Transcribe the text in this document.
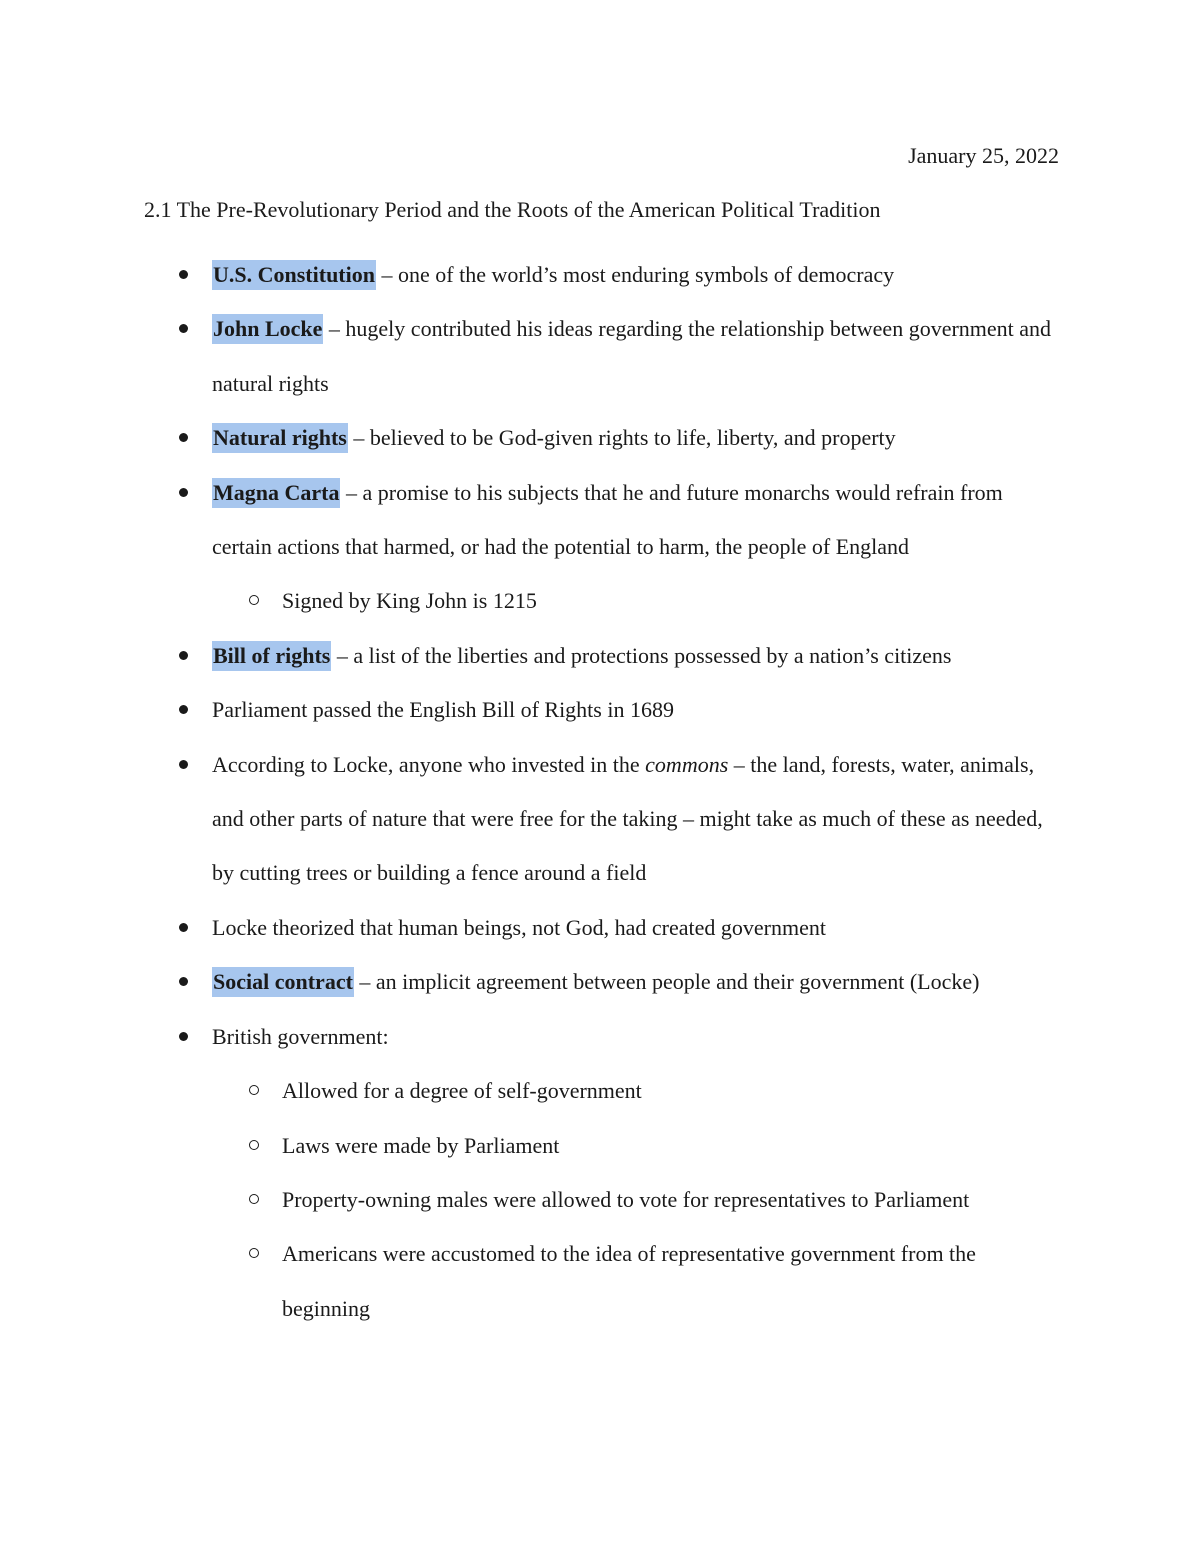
January 25, 2022
2.1 The Pre-Revolutionary Period and the Roots of the American Political Tradition
U.S. Constitution – one of the world’s most enduring symbols of democracy
John Locke – hugely contributed his ideas regarding the relationship between government and natural rights
Natural rights – believed to be God-given rights to life, liberty, and property
Magna Carta – a promise to his subjects that he and future monarchs would refrain from certain actions that harmed, or had the potential to harm, the people of England
Signed by King John is 1215
Bill of rights – a list of the liberties and protections possessed by a nation’s citizens
Parliament passed the English Bill of Rights in 1689
According to Locke, anyone who invested in the commons – the land, forests, water, animals, and other parts of nature that were free for the taking – might take as much of these as needed, by cutting trees or building a fence around a field
Locke theorized that human beings, not God, had created government
Social contract – an implicit agreement between people and their government (Locke)
British government:
Allowed for a degree of self-government
Laws were made by Parliament
Property-owning males were allowed to vote for representatives to Parliament
Americans were accustomed to the idea of representative government from the beginning
